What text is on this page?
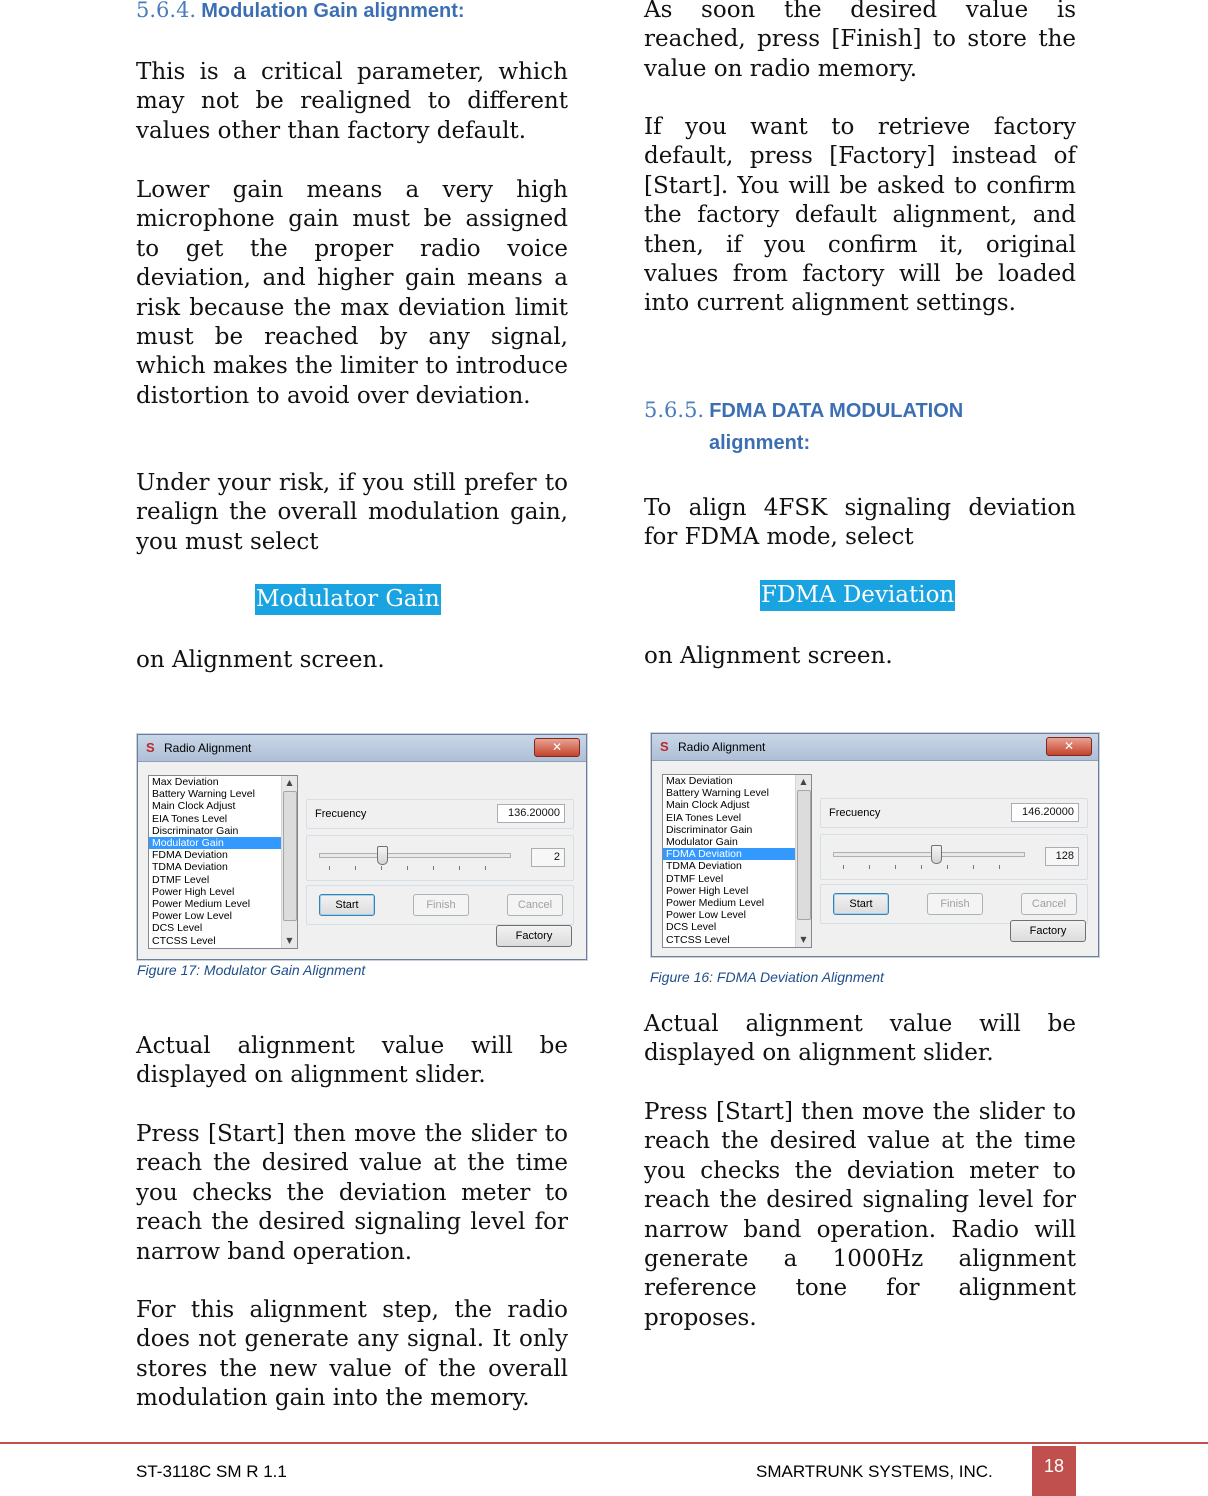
5.6.4. Modulation Gain alignment:

This is a critical parameter, which may not be realigned to different values other than factory default.

Lower gain means a very high microphone gain must be assigned to get the proper radio voice deviation, and higher gain means a risk because the max deviation limit must be reached by any signal, which makes the limiter to introduce distortion to avoid over deviation.

Under your risk, if you still prefer to realign the overall modulation gain, you must select

Modulator Gain

on Alignment screen.

S Radio Alignment	✕
Max Deviation
Battery Warning Level
Main Clock Adjust
EIA Tones Level
Discriminator Gain
Modulator Gain
FDMA Deviation
TDMA Deviation
DTMF Level
Power High Level
Power Medium Level
Power Low Level
DCS Level
CTCSS Level
▲
▼
Frecuency	136.20000
2
Start	Finish	Cancel
Factory
Figure 17: Modulator Gain Alignment

Actual alignment value will be displayed on alignment slider.

Press [Start] then move the slider to reach the desired value at the time you checks the deviation meter to reach the desired signaling level for narrow band operation.

For this alignment step, the radio does not generate any signal. It only stores the new value of the overall modulation gain into the memory.

As soon the desired value is reached, press [Finish] to store the value on radio memory.

If you want to retrieve factory default, press [Factory] instead of [Start]. You will be asked to confirm the factory default alignment, and then, if you confirm it, original values from factory will be loaded into current alignment settings.

5.6.5. FDMA DATA MODULATION
alignment:

To align 4FSK signaling deviation for FDMA mode, select

FDMA Deviation

on Alignment screen.

S Radio Alignment	✕
Max Deviation
Battery Warning Level
Main Clock Adjust
EIA Tones Level
Discriminator Gain
Modulator Gain
FDMA Deviation
TDMA Deviation
DTMF Level
Power High Level
Power Medium Level
Power Low Level
DCS Level
CTCSS Level
▲
▼
Frecuency	146.20000
128
Start	Finish	Cancel
Factory
Figure 16: FDMA Deviation Alignment

Actual alignment value will be displayed on alignment slider.

Press [Start] then move the slider to reach the desired value at the time you checks the deviation meter to reach the desired signaling level for narrow band operation. Radio will generate a 1000Hz alignment reference tone for alignment proposes.

ST-3118C SM R 1.1	SMARTRUNK SYSTEMS, INC.	18
